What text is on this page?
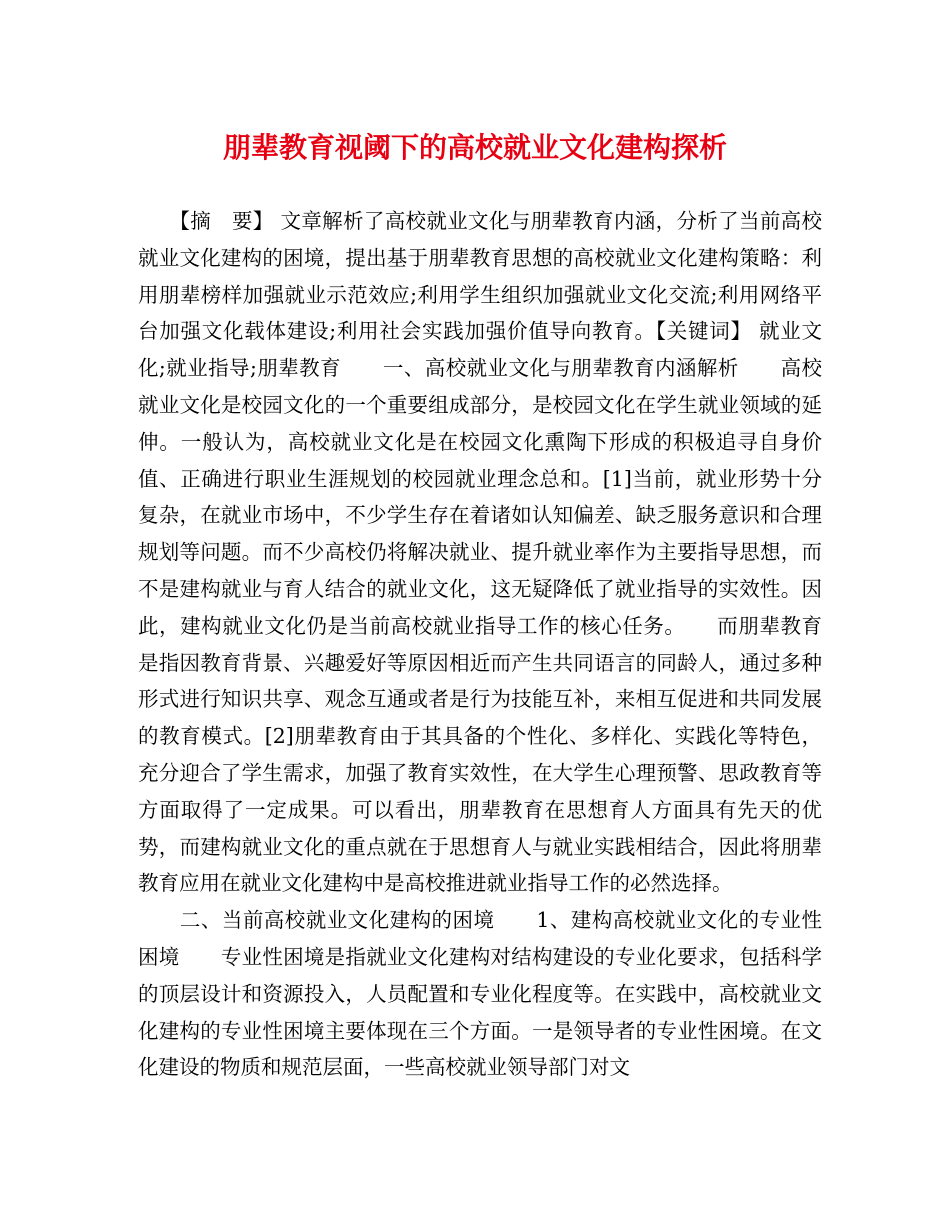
朋辈教育视阈下的高校就业文化建构探析
　　【摘　要】 文章解析了高校就业文化与朋辈教育内涵，分析了当前高校就业文化建构的困境，提出基于朋辈教育思想的高校就业文化建构策略：利用朋辈榜样加强就业示范效应;利用学生组织加强就业文化交流;利用网络平台加强文化载体建设;利用社会实践加强价值导向教育。【关键词】 就业文化;就业指导;朋辈教育　　一、高校就业文化与朋辈教育内涵解析　　高校就业文化是校园文化的一个重要组成部分，是校园文化在学生就业领域的延伸。一般认为，高校就业文化是在校园文化熏陶下形成的积极追寻自身价值、正确进行职业生涯规划的校园就业理念总和。[1]当前，就业形势十分复杂，在就业市场中，不少学生存在着诸如认知偏差、缺乏服务意识和合理规划等问题。而不少高校仍将解决就业、提升就业率作为主要指导思想，而不是建构就业与育人结合的就业文化，这无疑降低了就业指导的实效性。因此，建构就业文化仍是当前高校就业指导工作的核心任务。　　而朋辈教育是指因教育背景、兴趣爱好等原因相近而产生共同语言的同龄人，通过多种形式进行知识共享、观念互通或者是行为技能互补，来相互促进和共同发展的教育模式。[2]朋辈教育由于其具备的个性化、多样化、实践化等特色，充分迎合了学生需求，加强了教育实效性，在大学生心理预警、思政教育等方面取得了一定成果。可以看出，朋辈教育在思想育人方面具有先天的优势，而建构就业文化的重点就在于思想育人与就业实践相结合，因此将朋辈教育应用在就业文化建构中是高校推进就业指导工作的必然选择。
　　二、当前高校就业文化建构的困境　　1、建构高校就业文化的专业性困境　　专业性困境是指就业文化建构对结构建设的专业化要求，包括科学的顶层设计和资源投入，人员配置和专业化程度等。在实践中，高校就业文化建构的专业性困境主要体现在三个方面。一是领导者的专业性困境。在文化建设的物质和规范层面，一些高校就业领导部门对文
